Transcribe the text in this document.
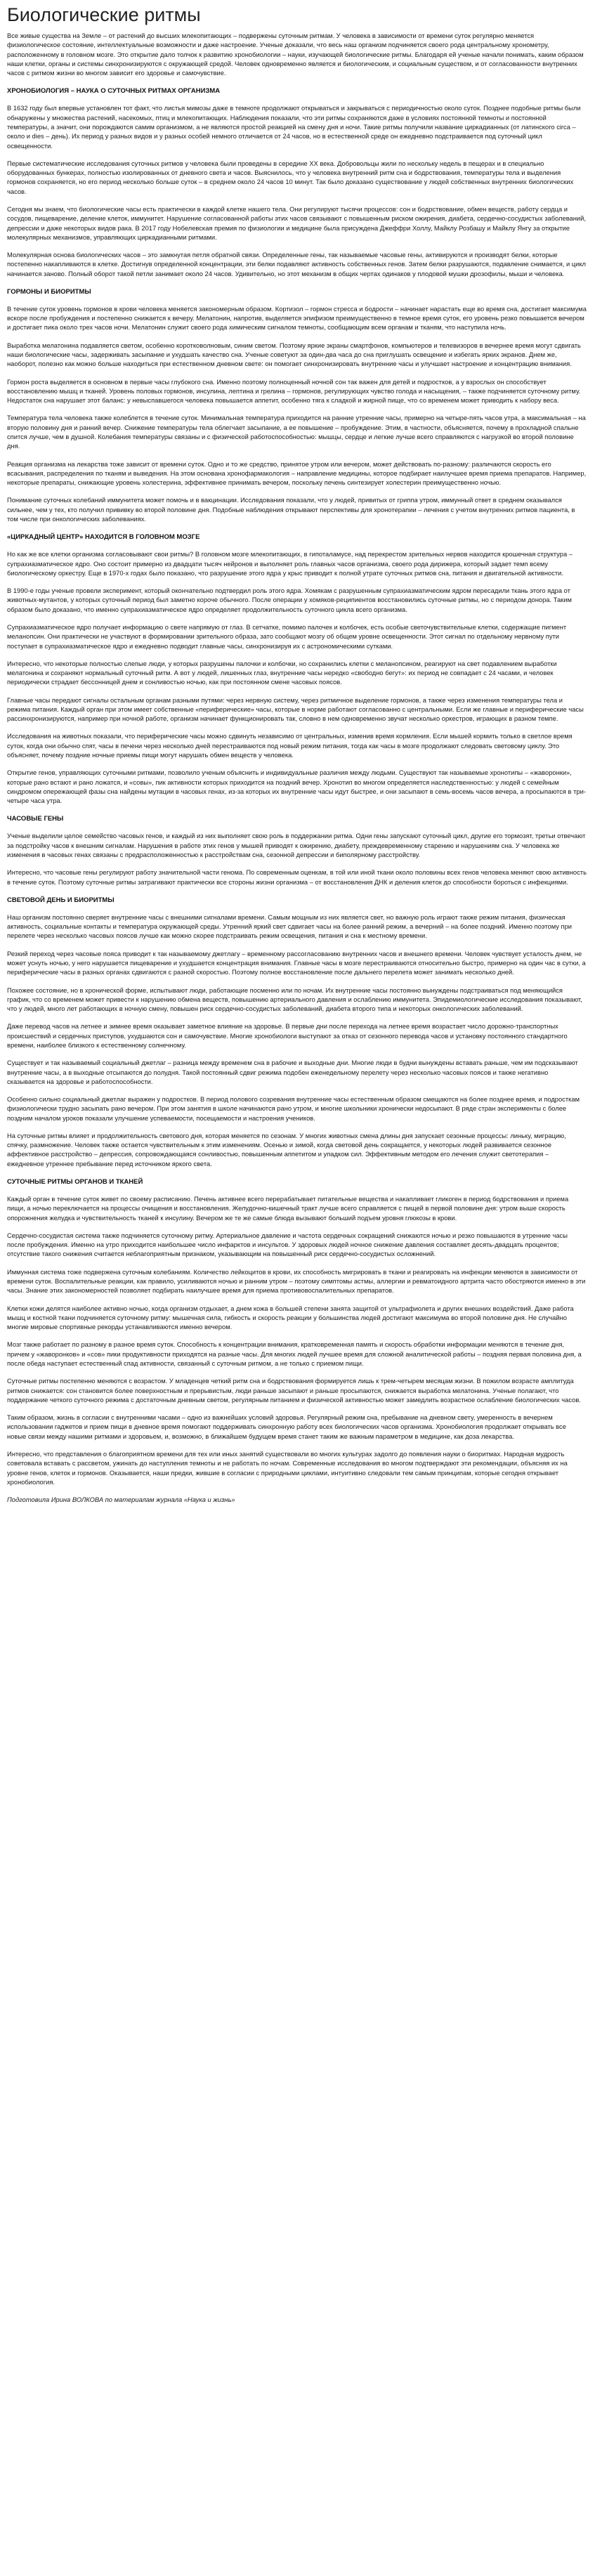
Биологические ритмы

Все живые существа на Земле – от растений до высших млекопитающих – подвержены суточным ритмам. У человека в зависимости от времени суток регулярно меняется физиологическое состояние, интеллектуальные возможности и даже настроение. Ученые доказали, что весь наш организм подчиняется своего рода центральному хронометру, расположенному в головном мозге. Это открытие дало толчок к развитию хронобиологии – науки, изучающей биологические ритмы. Благодаря ей ученые начали понимать, каким образом наши клетки, органы и системы синхронизируются с окружающей средой. Человек одновременно является и биологическим, и социальным существом, и от согласованности внутренних часов с ритмом жизни во многом зависит его здоровье и самочувствие.

ХРОНОБИОЛОГИЯ – НАУКА О СУТОЧНЫХ РИТМАХ ОРГАНИЗМА

В 1632 году был впервые установлен тот факт, что листья мимозы даже в темноте продолжают открываться и закрываться с периодичностью около суток. Позднее подобные ритмы были обнаружены у множества растений, насекомых, птиц и млекопитающих. Наблюдения показали, что эти ритмы сохраняются даже в условиях постоянной темноты и постоянной температуры, а значит, они порождаются самим организмом, а не являются простой реакцией на смену дня и ночи. Такие ритмы получили название циркадианных (от латинского circa – около и dies – день). Их период у разных видов и у разных особей немного отличается от 24 часов, но в естественной среде он ежедневно подстраивается под суточный цикл освещенности.

Первые систематические исследования суточных ритмов у человека были проведены в середине XX века. Добровольцы жили по нескольку недель в пещерах и в специально оборудованных бункерах, полностью изолированных от дневного света и часов. Выяснилось, что у человека внутренний ритм сна и бодрствования, температуры тела и выделения гормонов сохраняется, но его период несколько больше суток – в среднем около 24 часов 10 минут. Так было доказано существование у людей собственных внутренних биологических часов.

Сегодня мы знаем, что биологические часы есть практически в каждой клетке нашего тела. Они регулируют тысячи процессов: сон и бодрствование, обмен веществ, работу сердца и сосудов, пищеварение, деление клеток, иммунитет. Нарушение согласованной работы этих часов связывают с повышенным риском ожирения, диабета, сердечно-сосудистых заболеваний, депрессии и даже некоторых видов рака. В 2017 году Нобелевская премия по физиологии и медицине была присуждена Джеффри Холлу, Майклу Розбашу и Майклу Янгу за открытие молекулярных механизмов, управляющих циркадианными ритмами.

Молекулярная основа биологических часов – это замкнутая петля обратной связи. Определенные гены, так называемые часовые гены, активируются и производят белки, которые постепенно накапливаются в клетке. Достигнув определенной концентрации, эти белки подавляют активность собственных генов. Затем белки разрушаются, подавление снимается, и цикл начинается заново. Полный оборот такой петли занимает около 24 часов. Удивительно, но этот механизм в общих чертах одинаков у плодовой мушки дрозофилы, мыши и человека.

ГОРМОНЫ И БИОРИТМЫ

В течение суток уровень гормонов в крови человека меняется закономерным образом. Кортизол – гормон стресса и бодрости – начинает нарастать еще во время сна, достигает максимума вскоре после пробуждения и постепенно снижается к вечеру. Мелатонин, напротив, выделяется эпифизом преимущественно в темное время суток, его уровень резко повышается вечером и достигает пика около трех часов ночи. Мелатонин служит своего рода химическим сигналом темноты, сообщающим всем органам и тканям, что наступила ночь.

Выработка мелатонина подавляется светом, особенно коротковолновым, синим светом. Поэтому яркие экраны смартфонов, компьютеров и телевизоров в вечернее время могут сдвигать наши биологические часы, задерживать засыпание и ухудшать качество сна. Ученые советуют за один-два часа до сна приглушать освещение и избегать ярких экранов. Днем же, наоборот, полезно как можно больше находиться при естественном дневном свете: он помогает синхронизировать внутренние часы и улучшает настроение и концентрацию внимания.

Гормон роста выделяется в основном в первые часы глубокого сна. Именно поэтому полноценный ночной сон так важен для детей и подростков, а у взрослых он способствует восстановлению мышц и тканей. Уровень половых гормонов, инсулина, лептина и грелина – гормонов, регулирующих чувство голода и насыщения, – также подчиняется суточному ритму. Недостаток сна нарушает этот баланс: у невыспавшегося человека повышается аппетит, особенно тяга к сладкой и жирной пище, что со временем может приводить к набору веса.

Температура тела человека также колеблется в течение суток. Минимальная температура приходится на ранние утренние часы, примерно на четыре-пять часов утра, а максимальная – на вторую половину дня и ранний вечер. Снижение температуры тела облегчает засыпание, а ее повышение – пробуждение. Этим, в частности, объясняется, почему в прохладной спальне спится лучше, чем в душной. Колебания температуры связаны и с физической работоспособностью: мышцы, сердце и легкие лучше всего справляются с нагрузкой во второй половине дня.

Реакция организма на лекарства тоже зависит от времени суток. Одно и то же средство, принятое утром или вечером, может действовать по-разному: различаются скорость его всасывания, распределения по тканям и выведения. На этом основана хронофармакология – направление медицины, которое подбирает наилучшее время приема препаратов. Например, некоторые препараты, снижающие уровень холестерина, эффективнее принимать вечером, поскольку печень синтезирует холестерин преимущественно ночью.

Понимание суточных колебаний иммунитета может помочь и в вакцинации. Исследования показали, что у людей, привитых от гриппа утром, иммунный ответ в среднем оказывался сильнее, чем у тех, кто получил прививку во второй половине дня. Подобные наблюдения открывают перспективы для хронотерапии – лечения с учетом внутренних ритмов пациента, в том числе при онкологических заболеваниях.

«ЦИРКАДНЫЙ ЦЕНТР» НАХОДИТСЯ В ГОЛОВНОМ МОЗГЕ

Но как же все клетки организма согласовывают свои ритмы? В головном мозге млекопитающих, в гипоталамусе, над перекрестом зрительных нервов находится крошечная структура – супрахиазматическое ядро. Оно состоит примерно из двадцати тысяч нейронов и выполняет роль главных часов организма, своего рода дирижера, который задает темп всему биологическому оркестру. Еще в 1970-х годах было показано, что разрушение этого ядра у крыс приводит к полной утрате суточных ритмов сна, питания и двигательной активности.

В 1990-е годы ученые провели эксперимент, который окончательно подтвердил роль этого ядра. Хомякам с разрушенным супрахиазматическим ядром пересадили ткань этого ядра от животных-мутантов, у которых суточный период был заметно короче обычного. После операции у хомяков-реципиентов восстановились суточные ритмы, но с периодом донора. Таким образом было доказано, что именно супрахиазматическое ядро определяет продолжительность суточного цикла всего организма.

Супрахиазматическое ядро получает информацию о свете напрямую от глаз. В сетчатке, помимо палочек и колбочек, есть особые светочувствительные клетки, содержащие пигмент меланопсин. Они практически не участвуют в формировании зрительного образа, зато сообщают мозгу об общем уровне освещенности. Этот сигнал по отдельному нервному пути поступает в супрахиазматическое ядро и ежедневно подводит главные часы, синхронизируя их с астрономическими сутками.

Интересно, что некоторые полностью слепые люди, у которых разрушены палочки и колбочки, но сохранились клетки с меланопсином, реагируют на свет подавлением выработки мелатонина и сохраняют нормальный суточный ритм. А вот у людей, лишенных глаз, внутренние часы нередко «свободно бегут»: их период не совпадает с 24 часами, и человек периодически страдает бессонницей днем и сонливостью ночью, как при постоянном смене часовых поясов.

Главные часы передают сигналы остальным органам разными путями: через нервную систему, через ритмичное выделение гормонов, а также через изменения температуры тела и режима питания. Каждый орган при этом имеет собственные «периферические» часы, которые в норме работают согласованно с центральными. Если же главные и периферические часы рассинхронизируются, например при ночной работе, организм начинает функционировать так, словно в нем одновременно звучат несколько оркестров, играющих в разном темпе.

Исследования на животных показали, что периферические часы можно сдвинуть независимо от центральных, изменив время кормления. Если мышей кормить только в светлое время суток, когда они обычно спят, часы в печени через несколько дней перестраиваются под новый режим питания, тогда как часы в мозге продолжают следовать световому циклу. Это объясняет, почему поздние ночные приемы пищи могут нарушать обмен веществ у человека.

Открытие генов, управляющих суточными ритмами, позволило ученым объяснить и индивидуальные различия между людьми. Существуют так называемые хронотипы – «жаворонки», которые рано встают и рано ложатся, и «совы», пик активности которых приходится на поздний вечер. Хронотип во многом определяется наследственностью: у людей с семейным синдромом опережающей фазы сна найдены мутации в часовых генах, из-за которых их внутренние часы идут быстрее, и они засыпают в семь-восемь часов вечера, а просыпаются в три-четыре часа утра.

ЧАСОВЫЕ ГЕНЫ

Ученые выделили целое семейство часовых генов, и каждый из них выполняет свою роль в поддержании ритма. Одни гены запускают суточный цикл, другие его тормозят, третьи отвечают за подстройку часов к внешним сигналам. Нарушения в работе этих генов у мышей приводят к ожирению, диабету, преждевременному старению и нарушениям сна. У человека же изменения в часовых генах связаны с предрасположенностью к расстройствам сна, сезонной депрессии и биполярному расстройству.

Интересно, что часовые гены регулируют работу значительной части генома. По современным оценкам, в той или иной ткани около половины всех генов человека меняют свою активность в течение суток. Поэтому суточные ритмы затрагивают практически все стороны жизни организма – от восстановления ДНК и деления клеток до способности бороться с инфекциями.

СВЕТОВОЙ ДЕНЬ И БИОРИТМЫ

Наш организм постоянно сверяет внутренние часы с внешними сигналами времени. Самым мощным из них является свет, но важную роль играют также режим питания, физическая активность, социальные контакты и температура окружающей среды. Утренний яркий свет сдвигает часы на более ранний режим, а вечерний – на более поздний. Именно поэтому при перелете через несколько часовых поясов лучше как можно скорее подстраивать режим освещения, питания и сна к местному времени.

Резкий переход через часовые пояса приводит к так называемому джетлагу – временному рассогласованию внутренних часов и внешнего времени. Человек чувствует усталость днем, не может уснуть ночью, у него нарушается пищеварение и ухудшается концентрация внимания. Главные часы в мозге перестраиваются относительно быстро, примерно на один час в сутки, а периферические часы в разных органах сдвигаются с разной скоростью. Поэтому полное восстановление после дальнего перелета может занимать несколько дней.

Похожее состояние, но в хронической форме, испытывают люди, работающие посменно или по ночам. Их внутренние часы постоянно вынуждены подстраиваться под меняющийся график, что со временем может привести к нарушению обмена веществ, повышению артериального давления и ослаблению иммунитета. Эпидемиологические исследования показывают, что у людей, много лет работающих в ночную смену, повышен риск сердечно-сосудистых заболеваний, диабета второго типа и некоторых онкологических заболеваний.

Даже перевод часов на летнее и зимнее время оказывает заметное влияние на здоровье. В первые дни после перехода на летнее время возрастает число дорожно-транспортных происшествий и сердечных приступов, ухудшаются сон и самочувствие. Многие хронобиологи выступают за отказ от сезонного перевода часов и установку постоянного стандартного времени, наиболее близкого к естественному солнечному.

Существует и так называемый социальный джетлаг – разница между временем сна в рабочие и выходные дни. Многие люди в будни вынуждены вставать раньше, чем им подсказывают внутренние часы, а в выходные отсыпаются до полудня. Такой постоянный сдвиг режима подобен еженедельному перелету через несколько часовых поясов и также негативно сказывается на здоровье и работоспособности.

Особенно сильно социальный джетлаг выражен у подростков. В период полового созревания внутренние часы естественным образом смещаются на более позднее время, и подросткам физиологически трудно засыпать рано вечером. При этом занятия в школе начинаются рано утром, и многие школьники хронически недосыпают. В ряде стран эксперименты с более поздним началом уроков показали улучшение успеваемости, посещаемости и настроения учеников.

На суточные ритмы влияет и продолжительность светового дня, которая меняется по сезонам. У многих животных смена длины дня запускает сезонные процессы: линьку, миграцию, спячку, размножение. Человек также остается чувствительным к этим изменениям. Осенью и зимой, когда световой день сокращается, у некоторых людей развивается сезонное аффективное расстройство – депрессия, сопровождающаяся сонливостью, повышенным аппетитом и упадком сил. Эффективным методом его лечения служит светотерапия – ежедневное утреннее пребывание перед источником яркого света.

СУТОЧНЫЕ РИТМЫ ОРГАНОВ И ТКАНЕЙ

Каждый орган в течение суток живет по своему расписанию. Печень активнее всего перерабатывает питательные вещества и накапливает гликоген в период бодрствования и приема пищи, а ночью переключается на процессы очищения и восстановления. Желудочно-кишечный тракт лучше всего справляется с пищей в первой половине дня: утром выше скорость опорожнения желудка и чувствительность тканей к инсулину. Вечером же те же самые блюда вызывают больший подъем уровня глюкозы в крови.

Сердечно-сосудистая система также подчиняется суточному ритму. Артериальное давление и частота сердечных сокращений снижаются ночью и резко повышаются в утренние часы после пробуждения. Именно на утро приходится наибольшее число инфарктов и инсультов. У здоровых людей ночное снижение давления составляет десять-двадцать процентов; отсутствие такого снижения считается неблагоприятным признаком, указывающим на повышенный риск сердечно-сосудистых осложнений.

Иммунная система тоже подвержена суточным колебаниям. Количество лейкоцитов в крови, их способность мигрировать в ткани и реагировать на инфекции меняются в зависимости от времени суток. Воспалительные реакции, как правило, усиливаются ночью и ранним утром – поэтому симптомы астмы, аллергии и ревматоидного артрита часто обостряются именно в эти часы. Знание этих закономерностей позволяет подбирать наилучшее время для приема противовоспалительных препаратов.

Клетки кожи делятся наиболее активно ночью, когда организм отдыхает, а днем кожа в большей степени занята защитой от ультрафиолета и других внешних воздействий. Даже работа мышц и костной ткани подчиняется суточному ритму: мышечная сила, гибкость и скорость реакции у большинства людей достигают максимума во второй половине дня. Не случайно многие мировые спортивные рекорды устанавливаются именно вечером.

Мозг также работает по разному в разное время суток. Способность к концентрации внимания, кратковременная память и скорость обработки информации меняются в течение дня, причем у «жаворонков» и «сов» пики продуктивности приходятся на разные часы. Для многих людей лучшее время для сложной аналитической работы – поздняя первая половина дня, а после обеда наступает естественный спад активности, связанный с суточным ритмом, а не только с приемом пищи.

Суточные ритмы постепенно меняются с возрастом. У младенцев четкий ритм сна и бодрствования формируется лишь к трем-четырем месяцам жизни. В пожилом возрасте амплитуда ритмов снижается: сон становится более поверхностным и прерывистым, люди раньше засыпают и раньше просыпаются, снижается выработка мелатонина. Ученые полагают, что поддержание четкого суточного режима с достаточным дневным светом, регулярным питанием и физической активностью может замедлить возрастное ослабление биологических часов.

Таким образом, жизнь в согласии с внутренними часами – одно из важнейших условий здоровья. Регулярный режим сна, пребывание на дневном свету, умеренность в вечернем использовании гаджетов и прием пищи в дневное время помогают поддерживать синхронную работу всех биологических часов организма. Хронобиология продолжает открывать все новые связи между нашими ритмами и здоровьем, и, возможно, в ближайшем будущем время станет таким же важным параметром в медицине, как доза лекарства.

Интересно, что представления о благоприятном времени для тех или иных занятий существовали во многих культурах задолго до появления науки о биоритмах. Народная мудрость советовала вставать с рассветом, ужинать до наступления темноты и не работать по ночам. Современные исследования во многом подтверждают эти рекомендации, объясняя их на уровне генов, клеток и гормонов. Оказывается, наши предки, жившие в согласии с природными циклами, интуитивно следовали тем самым принципам, которые сегодня открывает хронобиология.

Подготовила Ирина ВОЛКОВА по материалам журнала «Наука и жизнь»
